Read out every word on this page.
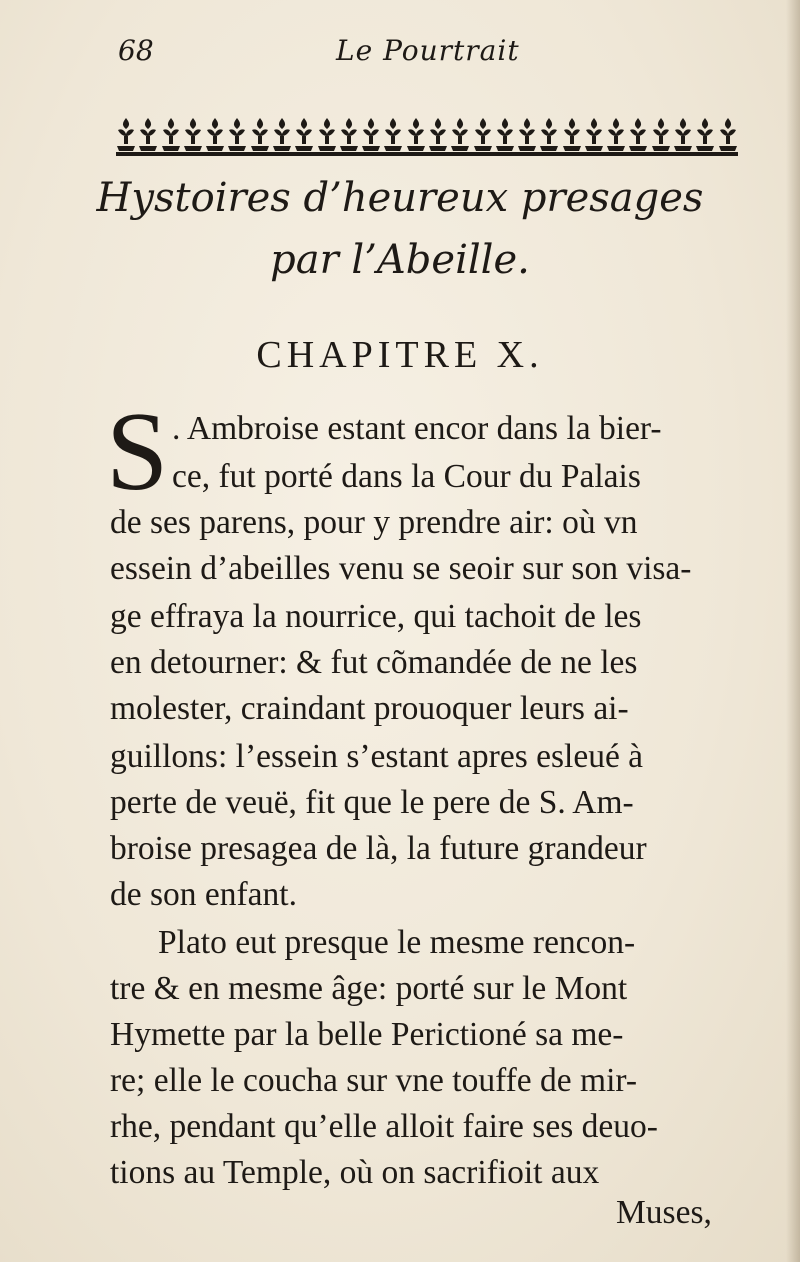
68	Le Pourtrait
Hystoires d’heureux presages
par l’Abeille.
CHAPITRE X.
S . Ambroise estant encor dans la bier-
ce, fut porté dans la Cour du Palais
de ses parens, pour y prendre air: où vn
essein d’abeilles venu se seoir sur son visa-
ge effraya la nourrice, qui tachoit de les
en detourner: & fut cõmandée de ne les
molester, craindant prouoquer leurs ai-
guillons: l’essein s’estant apres esleué à
perte de veuë, fit que le pere de S. Am-
broise presagea de là, la future grandeur
de son enfant.
Plato eut presque le mesme rencon-
tre & en mesme âge: porté sur le Mont
Hymette par la belle Perictioné sa me-
re; elle le coucha sur vne touffe de mir-
rhe, pendant qu’elle alloit faire ses deuo-
tions au Temple, où on sacrifioit aux
Muses,
